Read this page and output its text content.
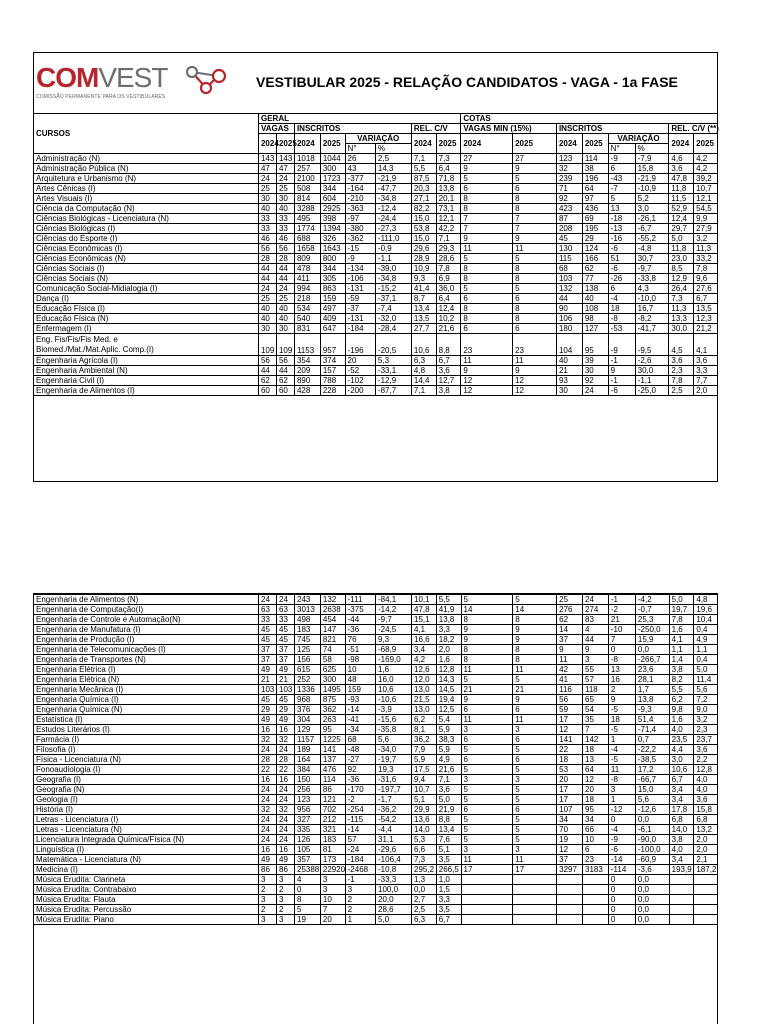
COMVEST
COMISSÃO PERMANENTE PARA OS VESTIBULARES
VESTIBULAR 2025 - RELAÇÃO CANDIDATOS - VAGA - 1a FASE
CURSOS	GERAL								COTAS							
	VAGAS		INSCRITOS				REL. C/V		VAGAS MIN (15%)		INSCRITOS				REL. C/V (**)	
	2024	2025	2024	2025	VARIAÇÃO		2024	2025	2024	2025	2024	2025	VARIAÇÃO		2024	2025
					N°	%							N°	%		
Administração (N)	143	143	1018	1044	26	2,5	7,1	7,3	27	27	123	114	-9	-7,9	4,6	4,2
Administração Pública (N)	47	47	257	300	43	14,3	5,5	6,4	9	9	32	38	6	15,8	3,6	4,2
Arquitetura e Urbanismo (N)	24	24	2100	1723	-377	-21,9	87,5	71,8	5	5	239	196	-43	-21,9	47,8	39,2
Artes Cênicas (I)	25	25	508	344	-164	-47,7	20,3	13,8	6	6	71	64	-7	-10,9	11,8	10,7
Artes Visuais (I)	30	30	814	604	-210	-34,8	27,1	20,1	8	8	92	97	5	5,2	11,5	12,1
Ciência da Computação (N)	40	40	3288	2925	-363	-12,4	82,2	73,1	8	8	423	436	13	3,0	52,9	54,5
Ciências Biológicas - Licenciatura (N)	33	33	495	398	-97	-24,4	15,0	12,1	7	7	87	69	-18	-26,1	12,4	9,9
Ciências Biológicas (I)	33	33	1774	1394	-380	-27,3	53,8	42,2	7	7	208	195	-13	-6,7	29,7	27,9
Ciências do Esporte (I)	46	46	688	326	-362	-111,0	15,0	7,1	9	9	45	29	-16	-55,2	5,0	3,2
Ciências Econômicas (I)	56	56	1658	1643	-15	-0,9	29,6	29,3	11	11	130	124	-6	-4,8	11,8	11,3
Ciências Econômicas (N)	28	28	809	800	-9	-1,1	28,9	28,6	5	5	115	166	51	30,7	23,0	33,2
Ciências Sociais (I)	44	44	478	344	-134	-39,0	10,9	7,8	8	8	68	62	-6	-9,7	8,5	7,8
Ciências Sociais (N)	44	44	411	305	-106	-34,8	9,3	6,9	8	8	103	77	-26	-33,8	12,9	9,6
Comunicação Social-Midialogia (I)	24	24	994	863	-131	-15,2	41,4	36,0	5	5	132	138	6	4,3	26,4	27,6
Dança (I)	25	25	218	159	-59	-37,1	8,7	6,4	6	6	44	40	-4	-10,0	7,3	6,7
Educação Física (I)	40	40	534	497	-37	-7,4	13,4	12,4	8	8	90	108	18	16,7	11,3	13,5
Educação Física (N)	40	40	540	409	-131	-32,0	13,5	10,2	8	8	106	98	-8	-8,2	13,3	12,3
Enfermagem (I)	30	30	831	647	-184	-28,4	27,7	21,6	6	6	180	127	-53	-41,7	30,0	21,2

Eng. Fis/Fis/Fis Med. e
Biomed./Mat./Mat.Aplic. Comp.(I)	109	109	1153	957	-196	-20,5	10,6	8,8	23	23	104	95	-9	-9,5	4,5	4,1
Engenharia Agrícola (I)	56	56	354	374	20	5,3	6,3	6,7	11	11	40	39	-1	-2,6	3,6	3,6
Engenharia Ambiental (N)	44	44	209	157	-52	-33,1	4,8	3,6	9	9	21	30	9	30,0	2,3	3,3
Engenharia Civil (I)	62	62	890	788	-102	-12,9	14,4	12,7	12	12	93	92	-1	-1,1	7,8	7,7
Engenharia de Alimentos (I)	60	60	428	228	-200	-87,7	7,1	3,8	12	12	30	24	-6	-25,0	2,5	2,0
Engenharia de Alimentos (N)	24	24	243	132	-111	-84,1	10,1	5,5	5	5	25	24	-1	-4,2	5,0	4,8
Engenharia de Computação(I)	63	63	3013	2638	-375	-14,2	47,8	41,9	14	14	276	274	-2	-0,7	19,7	19,6
Engenharia de Controle e Automação(N)	33	33	498	454	-44	-9,7	15,1	13,8	8	8	62	83	21	25,3	7,8	10,4
Engenharia de Manufatura (I)	45	45	183	147	-36	-24,5	4,1	3,3	9	9	14	4	-10	-250,0	1,6	0,4
Engenharia de Produção (I)	45	45	745	821	76	9,3	16,6	18,2	9	9	37	44	7	15,9	4,1	4,9
Engenharia de Telecomunicações (I)	37	37	125	74	-51	-68,9	3,4	2,0	8	8	9	9	0	0,0	1,1	1,1
Engenharia de Transportes (N)	37	37	156	58	-98	-169,0	4,2	1,6	8	8	11	3	-8	-266,7	1,4	0,4
Engenharia Elétrica (I)	49	49	615	625	10	1,6	12,6	12,8	11	11	42	55	13	23,6	3,8	5,0
Engenharia Elétrica (N)	21	21	252	300	48	16,0	12,0	14,3	5	5	41	57	16	28,1	8,2	11,4
Engenharia Mecânica (I)	103	103	1336	1495	159	10,6	13,0	14,5	21	21	116	118	2	1,7	5,5	5,6
Engenharia Química (I)	45	45	968	875	-93	-10,6	21,5	19,4	9	9	56	65	9	13,8	6,2	7,2
Engenharia Química (N)	29	29	376	362	-14	-3,9	13,0	12,5	6	6	59	54	-5	-9,3	9,8	9,0
Estatística (I)	49	49	304	263	-41	-15,6	6,2	5,4	11	11	17	35	18	51,4	1,6	3,2
Estudos Literários (I)	16	16	129	95	-34	-35,8	8,1	5,9	3	3	12	7	-5	-71,4	4,0	2,3
Farmácia (I)	32	32	1157	1225	68	5,6	36,2	38,3	6	6	141	142	1	0,7	23,5	23,7
Filosofia (I)	24	24	189	141	-48	-34,0	7,9	5,9	5	5	22	18	-4	-22,2	4,4	3,6
Física - Licenciatura (N)	28	28	164	137	-27	-19,7	5,9	4,9	6	6	18	13	-5	-38,5	3,0	2,2
Fonoaudiologia (I)	22	22	384	476	92	19,3	17,5	21,6	5	5	53	64	11	17,2	10,6	12,8
Geografia (I)	16	16	150	114	-36	-31,6	9,4	7,1	3	3	20	12	-8	-66,7	6,7	4,0
Geografia (N)	24	24	256	86	-170	-197,7	10,7	3,6	5	5	17	20	3	15,0	3,4	4,0
Geologia (I)	24	24	123	121	-2	-1,7	5,1	5,0	5	5	17	18	1	5,6	3,4	3,6
História (I)	32	32	956	702	-254	-36,2	29,9	21,9	6	6	107	95	-12	-12,6	17,8	15,8
Letras - Licenciatura (I)	24	24	327	212	-115	-54,2	13,6	8,8	5	5	34	34	0	0,0	6,8	6,8
Letras - Licenciatura (N)	24	24	335	321	-14	-4,4	14,0	13,4	5	5	70	66	-4	-6,1	14,0	13,2
Licenciatura Integrada Química/Física (N)	24	24	126	183	57	31,1	5,3	7,6	5	5	19	10	-9	-90,0	3,8	2,0
Linguística (I)	16	16	105	81	-24	-29,6	6,6	5,1	3	3	12	6	-6	-100,0	4,0	2,0
Matemática - Licenciatura (N)	49	49	357	173	-184	-106,4	7,3	3,5	11	11	37	23	-14	-60,9	3,4	2,1
Medicina (I)	86	86	25388	22920	-2468	-10,8	295,2	266,5	17	17	3297	3183	-114	-3,6	193,9	187,2
Música Erudita: Clarineta	3	3	4	3	-1	-33,3	1,3	1,0					0	0,0		
Música Erudita: Contrabaixo	2	2	0	3	3	100,0	0,0	1,5					0	0,0		
Música Erudita: Flauta	3	3	8	10	2	20,0	2,7	3,3					0	0,0		
Música Erudita: Percussão	2	2	5	7	2	28,6	2,5	3,5					0	0,0		
Música Erudita: Piano	3	3	19	20	1	5,0	6,3	6,7					0	0,0		
